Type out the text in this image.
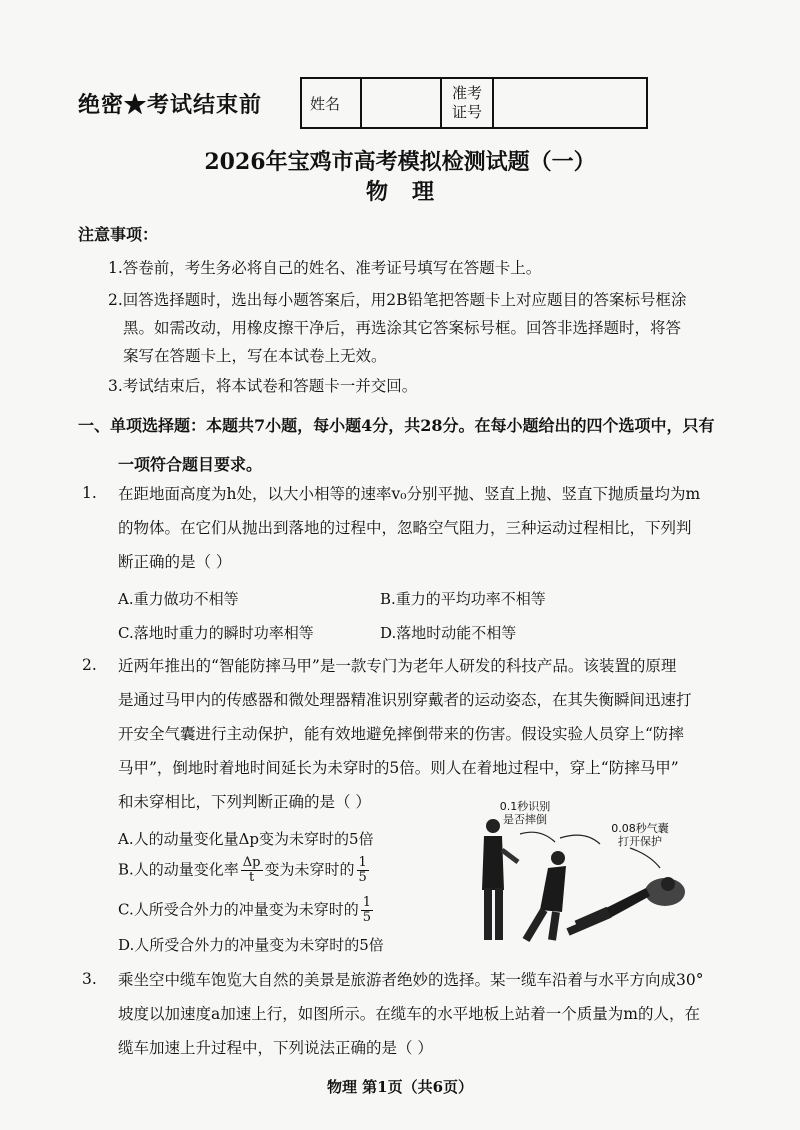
绝密★考试结束前	姓名		准考
证号	
2026年宝鸡市高考模拟检测试题（一）
物理
注意事项：
1.答卷前，考生务必将自己的姓名、准考证号填写在答题卡上。
2.回答选择题时，选出每小题答案后，用2B铅笔把答题卡上对应题目的答案标号框涂
黑。如需改动，用橡皮擦干净后，再选涂其它答案标号框。回答非选择题时，将答
案写在答题卡上，写在本试卷上无效。
3.考试结束后，将本试卷和答题卡一并交回。
一、单项选择题：本题共7小题，每小题4分，共28分。在每小题给出的四个选项中，只有
一项符合题目要求。
1. 在距地面高度为h处，以大小相等的速率v₀分别平抛、竖直上抛、竖直下抛质量均为m
的物体。在它们从抛出到落地的过程中，忽略空气阻力，三种运动过程相比，下列判
断正确的是（ ）
A.重力做功不相等	B.重力的平均功率不相等
C.落地时重力的瞬时功率相等	D.落地时动能不相等
2. 近两年推出的“智能防摔马甲”是一款专门为老年人研发的科技产品。该装置的原理
是通过马甲内的传感器和微处理器精准识别穿戴者的运动姿态，在其失衡瞬间迅速打
开安全气囊进行主动保护，能有效地避免摔倒带来的伤害。假设实验人员穿上“防摔
马甲”，倒地时着地时间延长为未穿时的5倍。则人在着地过程中，穿上“防摔马甲”
和未穿相比，下列判断正确的是（ ）
A.人的动量变化量Δp变为未穿时的5倍
B.人的动量变化率 $\frac{\Delta p}{t}$ 变为未穿时的 $\frac{1}{5}$
C.人所受合外力的冲量变为未穿时的 $\frac{1}{5}$
D.人所受合外力的冲量变为未穿时的5倍
0.1秒识别
是否摔倒
0.08秒气囊
打开保护
3. 乘坐空中缆车饱览大自然的美景是旅游者绝妙的选择。某一缆车沿着与水平方向成30°
坡度以加速度a加速上行，如图所示。在缆车的水平地板上站着一个质量为m的人，在
缆车加速上升过程中，下列说法正确的是（ ）
物理 第1页（共6页）
